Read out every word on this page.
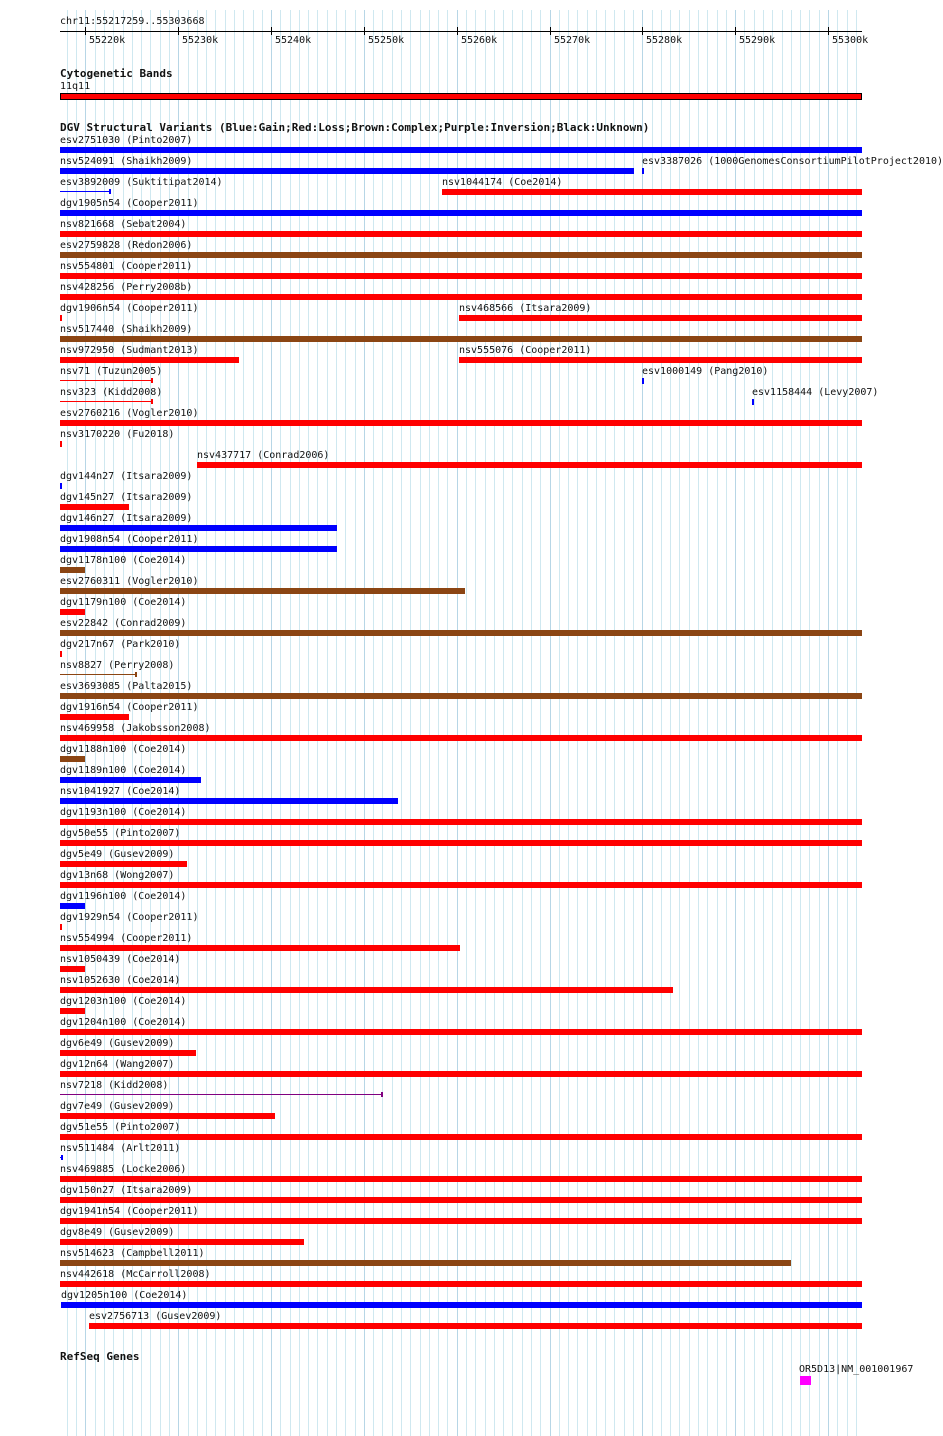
chr11:55217259..55303668
55220k	55230k	55240k	55250k	55260k	55270k	55280k	55290k	55300k
Cytogenetic Bands
11q11
DGV Structural Variants (Blue:Gain;Red:Loss;Brown:Complex;Purple:Inversion;Black:Unknown)
esv2751030 (Pinto2007)
nsv524091 (Shaikh2009)	esv3387026 (1000GenomesConsortiumPilotProject2010)
esv3892009 (Suktitipat2014)	nsv1044174 (Coe2014)
dgv1905n54 (Cooper2011)
nsv821668 (Sebat2004)
esv2759828 (Redon2006)
nsv554801 (Cooper2011)
nsv428256 (Perry2008b)
dgv1906n54 (Cooper2011)	nsv468566 (Itsara2009)
nsv517440 (Shaikh2009)
nsv972950 (Sudmant2013)	nsv555076 (Cooper2011)
nsv71 (Tuzun2005)	esv1000149 (Pang2010)
nsv323 (Kidd2008)	esv1158444 (Levy2007)
esv2760216 (Vogler2010)
nsv3170220 (Fu2018)
nsv437717 (Conrad2006)
dgv144n27 (Itsara2009)
dgv145n27 (Itsara2009)
dgv146n27 (Itsara2009)
dgv1908n54 (Cooper2011)
dgv1178n100 (Coe2014)
esv2760311 (Vogler2010)
dgv1179n100 (Coe2014)
esv22842 (Conrad2009)
dgv217n67 (Park2010)
nsv8827 (Perry2008)
esv3693085 (Palta2015)
dgv1916n54 (Cooper2011)
nsv469958 (Jakobsson2008)
dgv1188n100 (Coe2014)
dgv1189n100 (Coe2014)
nsv1041927 (Coe2014)
dgv1193n100 (Coe2014)
dgv50e55 (Pinto2007)
dgv5e49 (Gusev2009)
dgv13n68 (Wong2007)
dgv1196n100 (Coe2014)
dgv1929n54 (Cooper2011)
nsv554994 (Cooper2011)
nsv1050439 (Coe2014)
nsv1052630 (Coe2014)
dgv1203n100 (Coe2014)
dgv1204n100 (Coe2014)
dgv6e49 (Gusev2009)
dgv12n64 (Wang2007)
nsv7218 (Kidd2008)
dgv7e49 (Gusev2009)
dgv51e55 (Pinto2007)
nsv511484 (Arlt2011)
nsv469885 (Locke2006)
dgv150n27 (Itsara2009)
dgv1941n54 (Cooper2011)
dgv8e49 (Gusev2009)
nsv514623 (Campbell2011)
nsv442618 (McCarroll2008)
dgv1205n100 (Coe2014)
esv2756713 (Gusev2009)
RefSeq Genes
OR5D13|NM_001001967
